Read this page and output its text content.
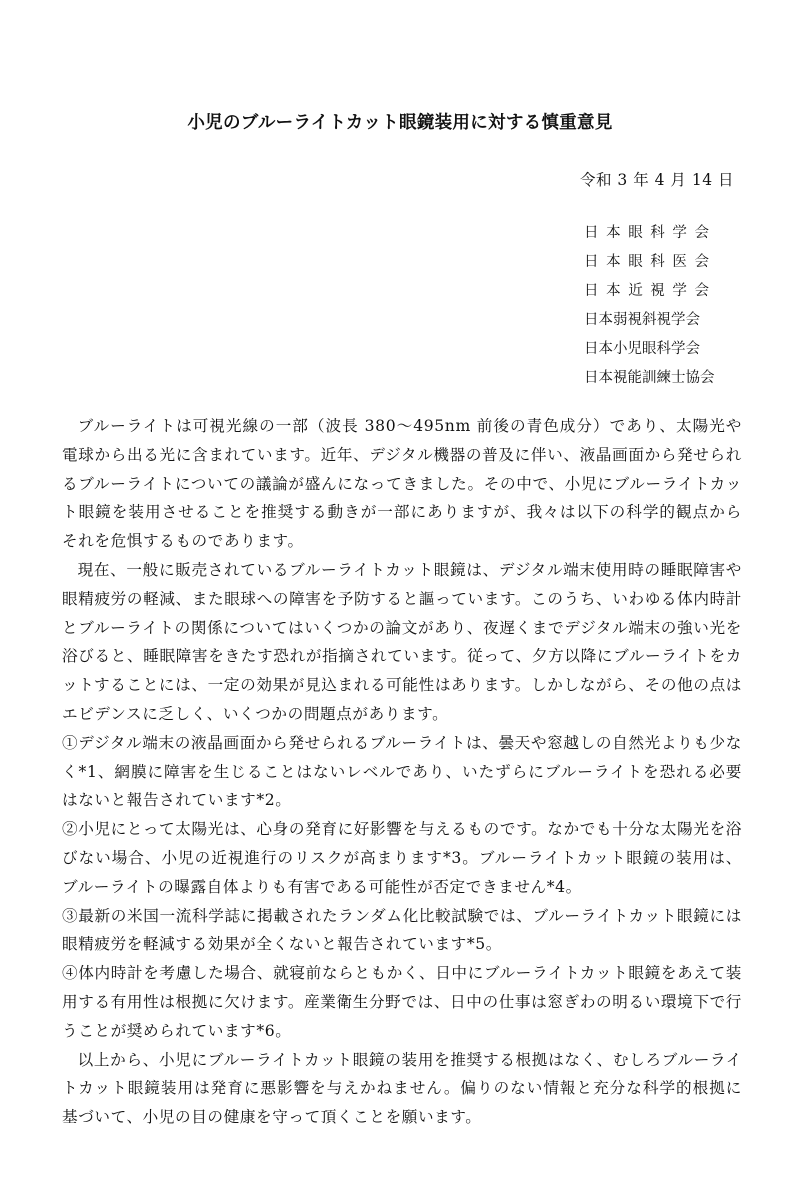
小児のブルーライトカット眼鏡装用に対する慎重意見
令和 3 年 4 月 14 日
日本眼科学会
日本眼科医会
日本近視学会
日本弱視斜視学会
日本小児眼科学会
日本視能訓練士協会

ブルーライトは可視光線の一部（波長 380〜495nm 前後の青色成分）であり、太陽光や電球から出る光に含まれています。近年、デジタル機器の普及に伴い、液晶画面から発せられるブルーライトについての議論が盛んになってきました。その中で、小児にブルーライトカット眼鏡を装用させることを推奨する動きが一部にありますが、我々は以下の科学的観点からそれを危惧するものであります。

現在、一般に販売されているブルーライトカット眼鏡は、デジタル端末使用時の睡眠障害や眼精疲労の軽減、また眼球への障害を予防すると謳っています。このうち、いわゆる体内時計とブルーライトの関係についてはいくつかの論文があり、夜遅くまでデジタル端末の強い光を浴びると、睡眠障害をきたす恐れが指摘されています。従って、夕方以降にブルーライトをカットすることには、一定の効果が見込まれる可能性はあります。しかしながら、その他の点はエビデンスに乏しく、いくつかの問題点があります。

①デジタル端末の液晶画面から発せられるブルーライトは、曇天や窓越しの自然光よりも少なく*1、網膜に障害を生じることはないレベルであり、いたずらにブルーライトを恐れる必要はないと報告されています*2。

②小児にとって太陽光は、心身の発育に好影響を与えるものです。なかでも十分な太陽光を浴びない場合、小児の近視進行のリスクが高まります*3。ブルーライトカット眼鏡の装用は、ブルーライトの曝露自体よりも有害である可能性が否定できません*4。

③最新の米国一流科学誌に掲載されたランダム化比較試験では、ブルーライトカット眼鏡には眼精疲労を軽減する効果が全くないと報告されています*5。

④体内時計を考慮した場合、就寝前ならともかく、日中にブルーライトカット眼鏡をあえて装用する有用性は根拠に欠けます。産業衛生分野では、日中の仕事は窓ぎわの明るい環境下で行うことが奨められています*6。

以上から、小児にブルーライトカット眼鏡の装用を推奨する根拠はなく、むしろブルーライトカット眼鏡装用は発育に悪影響を与えかねません。偏りのない情報と充分な科学的根拠に基づいて、小児の目の健康を守って頂くことを願います。
